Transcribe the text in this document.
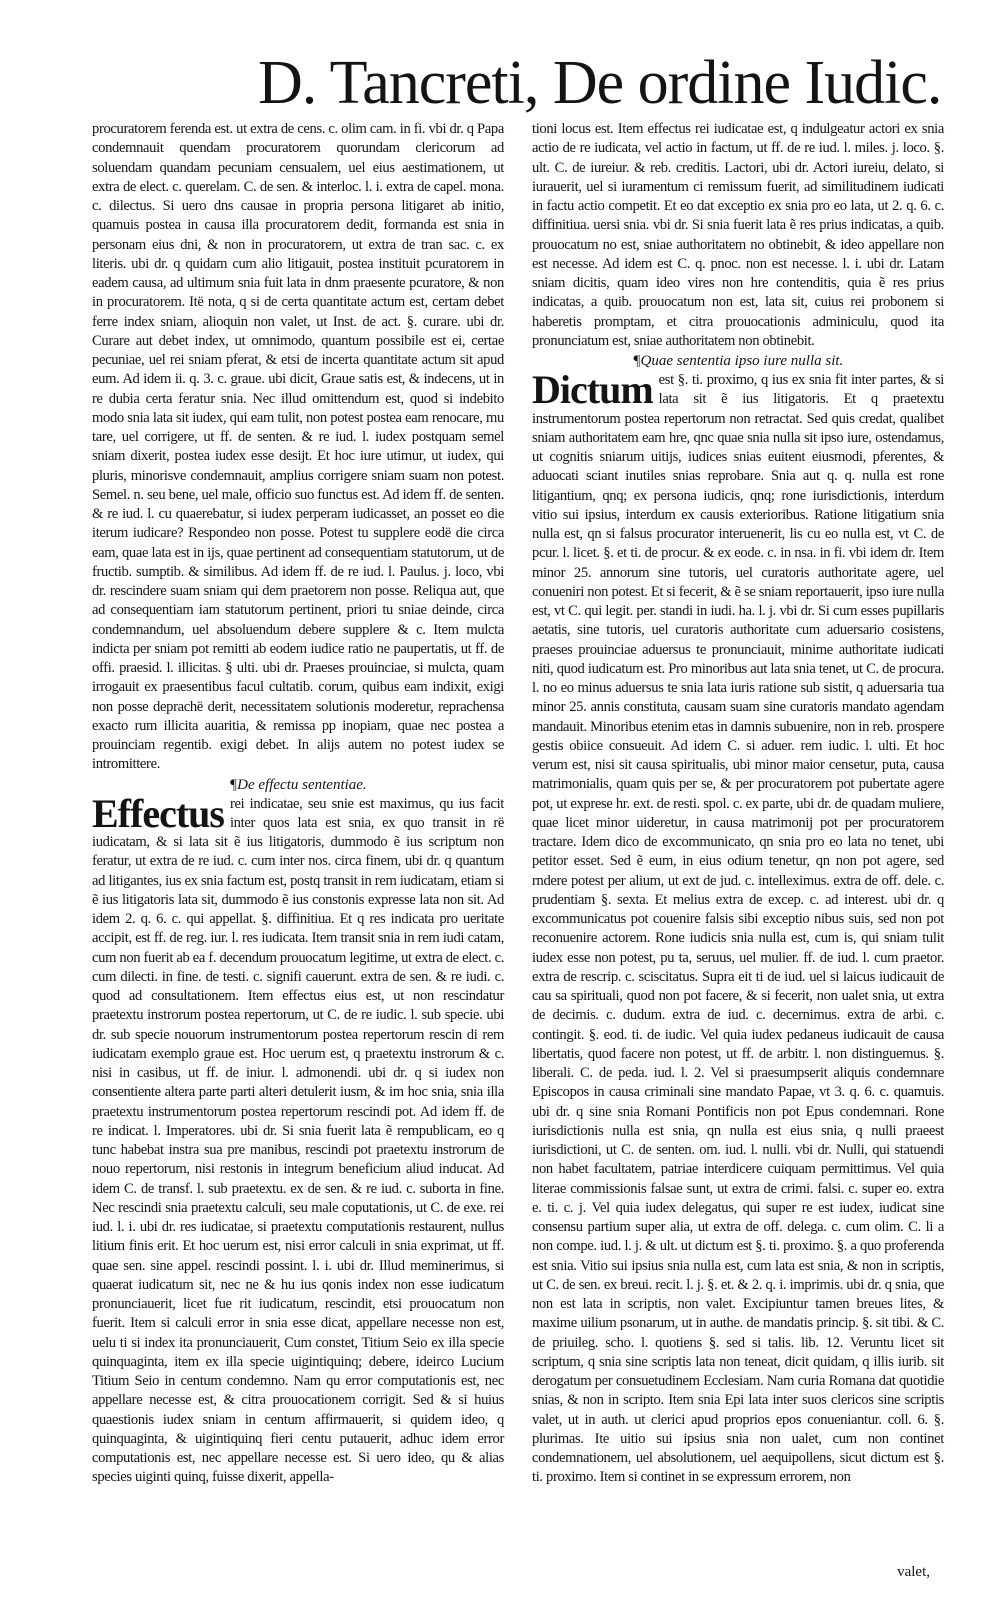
D. Tancreti, De ordine Iudic.

procuratorem ferenda est. ut extra de cens. c. olim cam. in fi. vbi dr. q Papa condemnauit quendam procuratorem quorundam clericorum ad soluendam quandam pecuniam censualem, uel eius aestimationem, ut extra de elect. c. querelam. C. de sen. & interloc. l. i. extra de capel. mona. c. dilectus. Si uero dns causae in propria persona litigaret ab initio, quamuis postea in causa illa procuratorem dedit, formanda est snia in personam eius dni, & non in procuratorem, ut extra de tran sac. c. ex literis. ubi dr. q quidam cum alio litigauit, postea instituit pcuratorem in eadem causa, ad ultimum snia fuit lata in dnm praesente pcuratore, & non in procuratorem. Itë nota, q si de certa quantitate actum est, certam debet ferre index sniam, alioquin non valet, ut Inst. de act. §. curare. ubi dr. Curare aut debet index, ut omnimodo, quantum possibile est ei, certae pecuniae, uel rei sniam pferat, & etsi de incerta quantitate actum sit apud eum. Ad idem ii. q. 3. c. graue. ubi dicit, Graue satis est, & indecens, ut in re dubia certa feratur snia. Nec illud omittendum est, quod si indebito modo snia lata sit iudex, qui eam tulit, non potest postea eam renocare, mu tare, uel corrigere, ut ff. de senten. & re iud. l. iudex postquam semel sniam dixerit, postea iudex esse desijt. Et hoc iure utimur, ut iudex, qui pluris, minorisve condemnauit, amplius corrigere sniam suam non potest. Semel. n. seu bene, uel male, officio suo functus est. Ad idem ff. de senten. & re iud. l. cu quaerebatur, si iudex perperam iudicasset, an posset eo die iterum iudicare? Respondeo non posse. Potest tu supplere eodë die circa eam, quae lata est in ijs, quae pertinent ad consequentiam statutorum, ut de fructib. sumptib. & similibus. Ad idem ff. de re iud. l. Paulus. j. loco, vbi dr. rescindere suam sniam qui dem praetorem non posse. Reliqua aut, que ad consequentiam iam statutorum pertinent, priori tu sniae deinde, circa condemnandum, uel absoluendum debere supplere & c. Item mulcta indicta per sniam pot remitti ab eodem iudice ratio ne paupertatis, ut ff. de offi. praesid. l. illicitas. § ulti. ubi dr. Praeses prouinciae, si mulcta, quam irrogauit ex praesentibus facul cultatib. corum, quibus eam indixit, exigi non posse deprachë derit, necessitatem solutionis moderetur, reprachensa exacto rum illicita auaritia, & remissa pp inopiam, quae nec postea a prouinciam regentib. exigi debet. In alijs autem no potest iudex se intromittere.

¶De effectu sententiae.

Effectus rei indicatae, seu snie est maximus, qu ius facit inter quos lata est snia, ex quo transit in rë iudicatam, & si lata sit ẽ ius litigatoris, dummodo ẽ ius scriptum non feratur, ut extra de re iud. c. cum inter nos. circa finem, ubi dr. q quantum ad litigantes, ius ex snia factum est, postq transit in rem iudicatam, etiam si ẽ ius litigatoris lata sit, dummodo ẽ ius constonis expresse lata non sit. Ad idem 2. q. 6. c. qui appellat. §. diffinitiua. Et q res indicata pro ueritate accipit, est ff. de reg. iur. l. res iudicata. Item transit snia in rem iudi catam, cum non fuerit ab ea f. decendum prouocatum legitime, ut extra de elect. c. cum dilecti. in fine. de testi. c. signifi cauerunt. extra de sen. & re iudi. c. quod ad consultationem. Item effectus eius est, ut non rescindatur praetextu instrorum postea repertorum, ut C. de re iudic. l. sub specie. ubi dr. sub specie nouorum instrumentorum postea repertorum rescin di rem iudicatam exemplo graue est. Hoc uerum est, q praetextu instrorum & c. nisi in casibus, ut ff. de iniur. l. admonendi. ubi dr. q si iudex non consentiente altera parte parti alteri detulerit iusm, & im hoc snia, snia illa praetextu instrumentorum postea repertorum rescindi pot. Ad idem ff. de re indicat. l. Imperatores. ubi dr. Si snia fuerit lata ẽ rempublicam, eo q tunc habebat instra sua pre manibus, rescindi pot praetextu instrorum de nouo repertorum, nisi restonis in integrum beneficium aliud inducat. Ad idem C. de transf. l. sub praetextu. ex de sen. & re iud. c. suborta in fine. Nec rescindi snia praetextu calculi, seu male coputationis, ut C. de exe. rei iud. l. i. ubi dr. res iudicatae, si praetextu computationis restaurent, nullus litium finis erit. Et hoc uerum est, nisi error calculi in snia exprimat, ut ff. quae sen. sine appel. rescindi possint. l. i. ubi dr. Illud meminerimus, si quaerat iudicatum sit, nec ne & hu ius qonis index non esse iudicatum pronunciauerit, licet fue rit iudicatum, rescindit, etsi prouocatum non fuerit. Item si calculi error in snia esse dicat, appellare necesse non est, uelu ti si index ita pronunciauerit, Cum constet, Titium Seio ex illa specie quinquaginta, item ex illa specie uigintiquinq; debere, ideirco Lucium Titium Seio in centum condemno. Nam qu error computationis est, nec appellare necesse est, & citra prouocationem corrigit. Sed & si huius quaestionis iudex sniam in centum affirmauerit, si quidem ideo, q quinquaginta, & uigintiquinq fieri centu putauerit, adhuc idem error computationis est, nec appellare necesse est. Si uero ideo, qu & alias species uiginti quinq, fuisse dixerit, appella-

tioni locus est. Item effectus rei iudicatae est, q indulgeatur actori ex snia actio de re iudicata, vel actio in factum, ut ff. de re iud. l. miles. j. loco. §. ult. C. de iureiur. & reb. creditis. Lactori, ubi dr. Actori iureiu, delato, si iurauerit, uel si iuramentum ci remissum fuerit, ad similitudinem iudicati in factu actio competit. Et eo dat exceptio ex snia pro eo lata, ut 2. q. 6. c. diffinitiua. uersi snia. vbi dr. Si snia fuerit lata ẽ res prius indicatas, a quib. prouocatum no est, sniae authoritatem no obtinebit, & ideo appellare non est necesse. Ad idem est C. q. pnoc. non est necesse. l. i. ubi dr. Latam sniam dicitis, quam ideo vires non hre contenditis, quia ẽ res prius indicatas, a quib. prouocatum non est, lata sit, cuius rei probonem si haberetis promptam, et citra prouocationis adminiculu, quod ita pronunciatum est, sniae authoritatem non obtinebit.

¶Quae sententia ipso iure nulla sit.

Dictum est §. ti. proximo, q ius ex snia fit inter partes, & si lata sit ẽ ius litigatoris. Et q praetextu instrumentorum postea repertorum non retractat. Sed quis credat, qualibet sniam authoritatem eam hre, qnc quae snia nulla sit ipso iure, ostendamus, ut cognitis sniarum uitijs, iudices snias euitent eiusmodi, pferentes, & aduocati sciant inutiles snias reprobare. Snia aut q. q. nulla est rone litigantium, qnq; ex persona iudicis, qnq; rone iurisdictionis, interdum vitio sui ipsius, interdum ex causis exterioribus. Ratione litigatium snia nulla est, qn si falsus procurator interuenerit, lis cu eo nulla est, vt C. de pcur. l. licet. §. et ti. de procur. & ex eode. c. in nsa. in fi. vbi idem dr. Item minor 25. annorum sine tutoris, uel curatoris authoritate agere, uel conueniri non potest. Et si fecerit, & ẽ se sniam reportauerit, ipso iure nulla est, vt C. qui legit. per. standi in iudi. ha. l. j. vbi dr. Si cum esses pupillaris aetatis, sine tutoris, uel curatoris authoritate cum aduersario cosistens, praeses prouinciae aduersus te pronunciauit, minime authoritate iudicati niti, quod iudicatum est. Pro minoribus aut lata snia tenet, ut C. de procura. l. no eo minus aduersus te snia lata iuris ratione sub sistit, q aduersaria tua minor 25. annis constituta, causam suam sine curatoris mandato agendam mandauit. Minoribus etenim etas in damnis subuenire, non in reb. prospere gestis obiice consueuit. Ad idem C. si aduer. rem iudic. l. ulti. Et hoc verum est, nisi sit causa spiritualis, ubi minor maior censetur, puta, causa matrimonialis, quam quis per se, & per procuratorem pot pubertate agere pot, ut exprese hr. ext. de resti. spol. c. ex parte, ubi dr. de quadam muliere, quae licet minor uideretur, in causa matrimonij pot per procuratorem tractare. Idem dico de excommunicato, qn snia pro eo lata no tenet, ubi petitor esset. Sed ẽ eum, in eius odium tenetur, qn non pot agere, sed rndere potest per alium, ut ext de jud. c. intelleximus. extra de off. dele. c. prudentiam §. sexta. Et melius extra de excep. c. ad interest. ubi dr. q excommunicatus pot couenire falsis sibi exceptio nibus suis, sed non pot reconuenire actorem. Rone iudicis snia nulla est, cum is, qui sniam tulit iudex esse non potest, pu ta, seruus, uel mulier. ff. de iud. l. cum praetor. extra de rescrip. c. sciscitatus. Supra eit ti de iud. uel si laicus iudicauit de cau sa spirituali, quod non pot facere, & si fecerit, non ualet snia, ut extra de decimis. c. dudum. extra de iud. c. decernimus. extra de arbi. c. contingit. §. eod. ti. de iudic. Vel quia iudex pedaneus iudicauit de causa libertatis, quod facere non potest, ut ff. de arbitr. l. non distinguemus. §. liberali. C. de peda. iud. l. 2. Vel si praesumpserit aliquis condemnare Episcopos in causa criminali sine mandato Papae, vt 3. q. 6. c. quamuis. ubi dr. q sine snia Romani Pontificis non pot Epus condemnari. Rone iurisdictionis nulla est snia, qn nulla est eius snia, q nulli praeest iurisdictioni, ut C. de senten. om. iud. l. nulli. vbi dr. Nulli, qui statuendi non habet facultatem, patriae interdicere cuiquam permittimus. Vel quia literae commissionis falsae sunt, ut extra de crimi. falsi. c. super eo. extra e. ti. c. j. Vel quia iudex delegatus, qui super re est iudex, iudicat sine consensu partium super alia, ut extra de off. delega. c. cum olim. C. li a non compe. iud. l. j. & ult. ut dictum est §. ti. proximo. §. a quo proferenda est snia. Vitio sui ipsius snia nulla est, cum lata est snia, & non in scriptis, ut C. de sen. ex breui. recit. l. j. §. et. & 2. q. i. imprimis. ubi dr. q snia, que non est lata in scriptis, non valet. Excipiuntur tamen breues lites, & maxime uilium psonarum, ut in authe. de mandatis princip. §. sit tibi. & C. de priuileg. scho. l. quotiens §. sed si talis. lib. 12. Veruntu licet sit scriptum, q snia sine scriptis lata non teneat, dicit quidam, q illis iurib. sit derogatum per consuetudinem Ecclesiam. Nam curia Romana dat quotidie snias, & non in scripto. Item snia Epi lata inter suos clericos sine scriptis valet, ut in auth. ut clerici apud proprios epos conueniantur. coll. 6. §. plurimas. Ite uitio sui ipsius snia non ualet, cum non continet condemnationem, uel absolutionem, uel aequipollens, sicut dictum est §. ti. proximo. Item si continet in se expressum errorem, non

valet,
